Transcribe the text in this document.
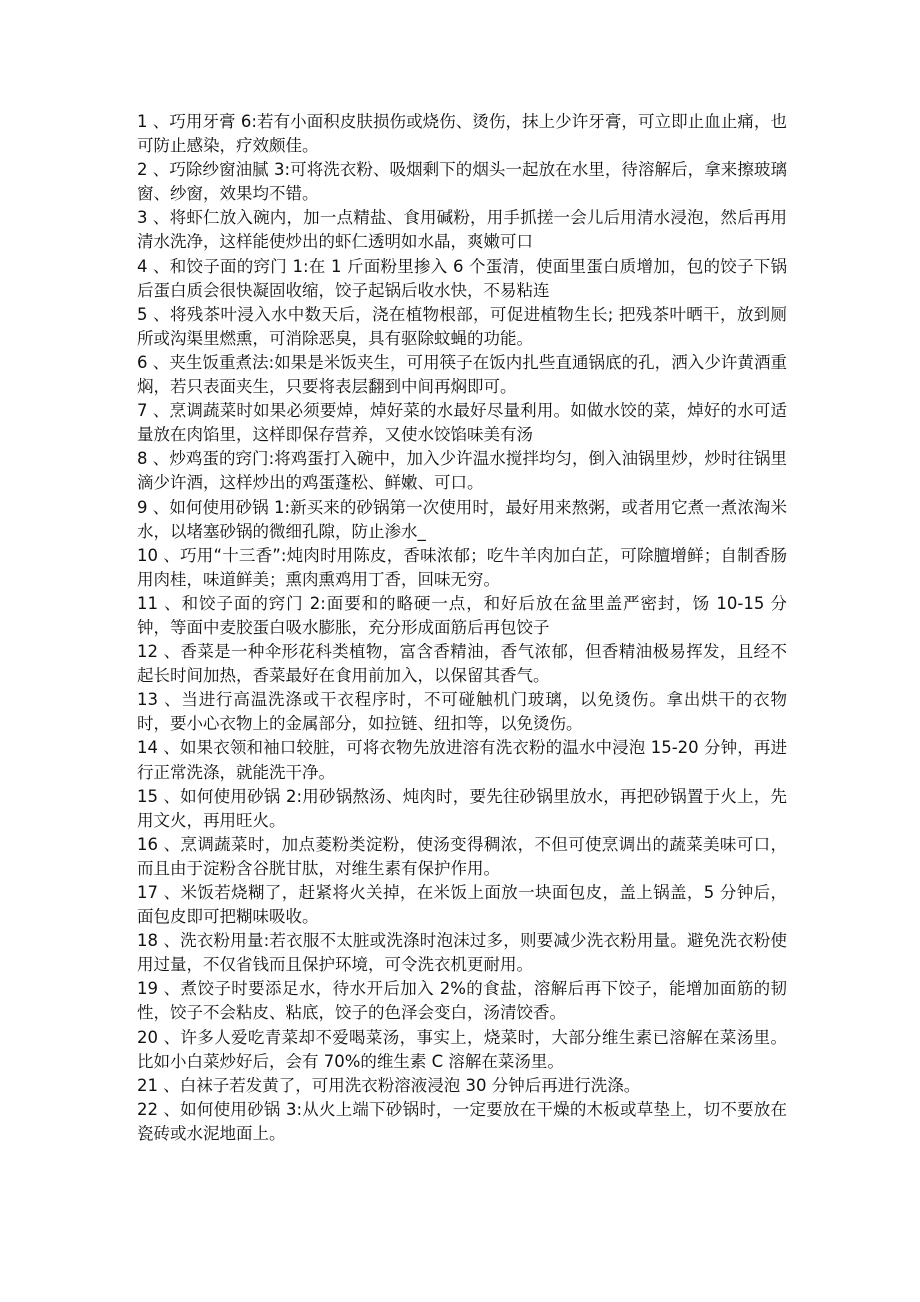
1 、巧用牙膏 6:若有小面积皮肤损伤或烧伤、烫伤，抹上少许牙膏，可立即止血止痛，也可防止感染，疗效颇佳。

2 、巧除纱窗油腻 3:可将洗衣粉、吸烟剩下的烟头一起放在水里，待溶解后，拿来擦玻璃窗、纱窗，效果均不错。

3 、将虾仁放入碗内，加一点精盐、食用碱粉，用手抓搓一会儿后用清水浸泡，然后再用清水洗净，这样能使炒出的虾仁透明如水晶，爽嫩可口

4 、和饺子面的窍门 1:在 1 斤面粉里掺入 6 个蛋清，使面里蛋白质增加，包的饺子下锅后蛋白质会很快凝固收缩，饺子起锅后收水快，不易粘连

5 、将残茶叶浸入水中数天后，浇在植物根部，可促进植物生长; 把残茶叶晒干，放到厕所或沟渠里燃熏，可消除恶臭，具有驱除蚊蝇的功能。

6 、夹生饭重煮法:如果是米饭夹生，可用筷子在饭内扎些直通锅底的孔，洒入少许黄酒重焖，若只表面夹生，只要将表层翻到中间再焖即可。

7 、烹调蔬菜时如果必须要焯，焯好菜的水最好尽量利用。如做水饺的菜，焯好的水可适量放在肉馅里，这样即保存营养，又使水饺馅味美有汤

8 、炒鸡蛋的窍门:将鸡蛋打入碗中，加入少许温水搅拌均匀，倒入油锅里炒，炒时往锅里滴少许酒，这样炒出的鸡蛋蓬松、鲜嫩、可口。

9 、如何使用砂锅 1:新买来的砂锅第一次使用时，最好用来熬粥，或者用它煮一煮浓淘米水，以堵塞砂锅的微细孔隙，防止渗水_

10 、巧用“十三香”:炖肉时用陈皮，香味浓郁；吃牛羊肉加白芷，可除膻增鲜；自制香肠用肉桂，味道鲜美；熏肉熏鸡用丁香，回味无穷。

11 、和饺子面的窍门 2:面要和的略硬一点，和好后放在盆里盖严密封，饧 10-15 分钟，等面中麦胶蛋白吸水膨胀，充分形成面筋后再包饺子

12 、香菜是一种伞形花科类植物，富含香精油，香气浓郁，但香精油极易挥发，且经不起长时间加热，香菜最好在食用前加入，以保留其香气。

13 、当进行高温洗涤或干衣程序时，不可碰触机门玻璃，以免烫伤。拿出烘干的衣物时，要小心衣物上的金属部分，如拉链、纽扣等，以免烫伤。

14 、如果衣领和袖口较脏，可将衣物先放进溶有洗衣粉的温水中浸泡 15-20 分钟，再进行正常洗涤，就能洗干净。

15 、如何使用砂锅 2:用砂锅熬汤、炖肉时，要先往砂锅里放水，再把砂锅置于火上，先用文火，再用旺火。

16 、烹调蔬菜时，加点菱粉类淀粉，使汤变得稠浓，不但可使烹调出的蔬菜美味可口，而且由于淀粉含谷胱甘肽，对维生素有保护作用。

17 、米饭若烧糊了，赶紧将火关掉，在米饭上面放一块面包皮，盖上锅盖，5 分钟后，面包皮即可把糊味吸收。

18 、洗衣粉用量:若衣服不太脏或洗涤时泡沫过多，则要减少洗衣粉用量。避免洗衣粉使用过量，不仅省钱而且保护环境，可令洗衣机更耐用。

19 、煮饺子时要添足水，待水开后加入 2%的食盐，溶解后再下饺子，能增加面筋的韧性，饺子不会粘皮、粘底，饺子的色泽会变白，汤清饺香。

20 、许多人爱吃青菜却不爱喝菜汤，事实上，烧菜时，大部分维生素已溶解在菜汤里。比如小白菜炒好后，会有 70%的维生素 C 溶解在菜汤里。

21 、白袜子若发黄了，可用洗衣粉溶液浸泡 30 分钟后再进行洗涤。

22 、如何使用砂锅 3:从火上端下砂锅时，一定要放在干燥的木板或草垫上，切不要放在瓷砖或水泥地面上。
